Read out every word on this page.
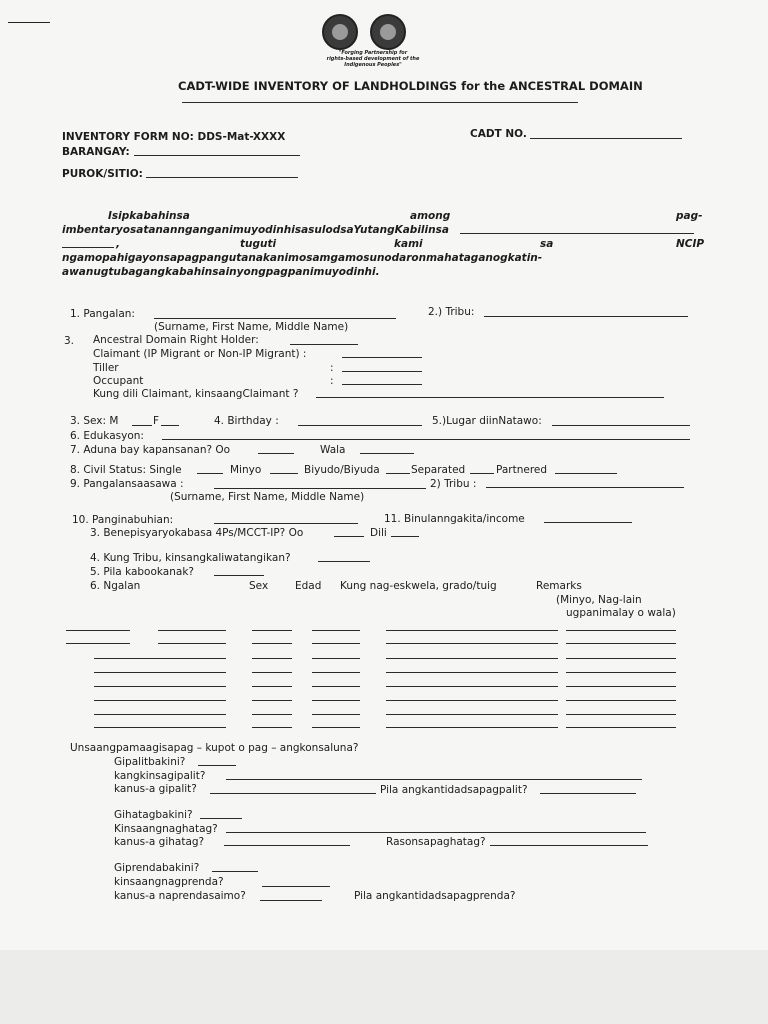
"Forging Partnership for
rights-based development of the
Indigenous Peoples"
CADT-WIDE INVENTORY OF LANDHOLDINGS for the ANCESTRAL DOMAIN
INVENTORY FORM NO: DDS-Mat-XXXX	CADT NO.
BARANGAY:
PUROK/SITIO:
Isipkabahinsa	among	pag-
imbentaryosatanannganganimuyodinhisasulodsaYutangKabilinsa
,	tuguti	kami	sa	NCIP
ngamopahigayonsapagpangutanakanimosamgamosunodaronmahataganogkatin-
awanugtubagangkabahinsainyongpagpanimuyodinhi.
1. Pangalan:	2.) Tribu:
(Surname, First Name, Middle Name)
3. Ancestral Domain Right Holder:
Claimant (IP Migrant or Non-IP Migrant) :
Tiller	:
Occupant	:
Kung dili Claimant, kinsaangClaimant ?
3. Sex: M	F	4. Birthday :	5.)Lugar diinNatawo:
6. Edukasyon:
7. Aduna bay kapansanan? Oo	Wala
8. Civil Status: Single	Minyo	Biyudo/Biyuda	Separated	Partnered
9. Pangalansaasawa :	2) Tribu :
(Surname, First Name, Middle Name)
10. Panginabuhian:	11. Binulanngakita/income
3. Benepisyaryokabasa 4Ps/MCCT-IP? Oo	Dili
4. Kung Tribu, kinsangkaliwatangikan?
5. Pila kabookanak?
6. Ngalan	Sex	Edad Kung nag-eskwela, grado/tuig	Remarks
(Minyo, Nag-lain
ugpanimalay o wala)
Unsaangpamaagisapag – kupot o pag – angkonsaluna?
Gipalitbakini?
kangkinsagipalit?
kanus-a gipalit?	Pila angkantidadsapagpalit?
Gihatagbakini?
Kinsaangnaghatag?
kanus-a gihatag?	Rasonsapaghatag?
Giprendabakini?
kinsaangnagprenda?
kanus-a naprendasaimo?	Pila angkantidadsapagprenda?
